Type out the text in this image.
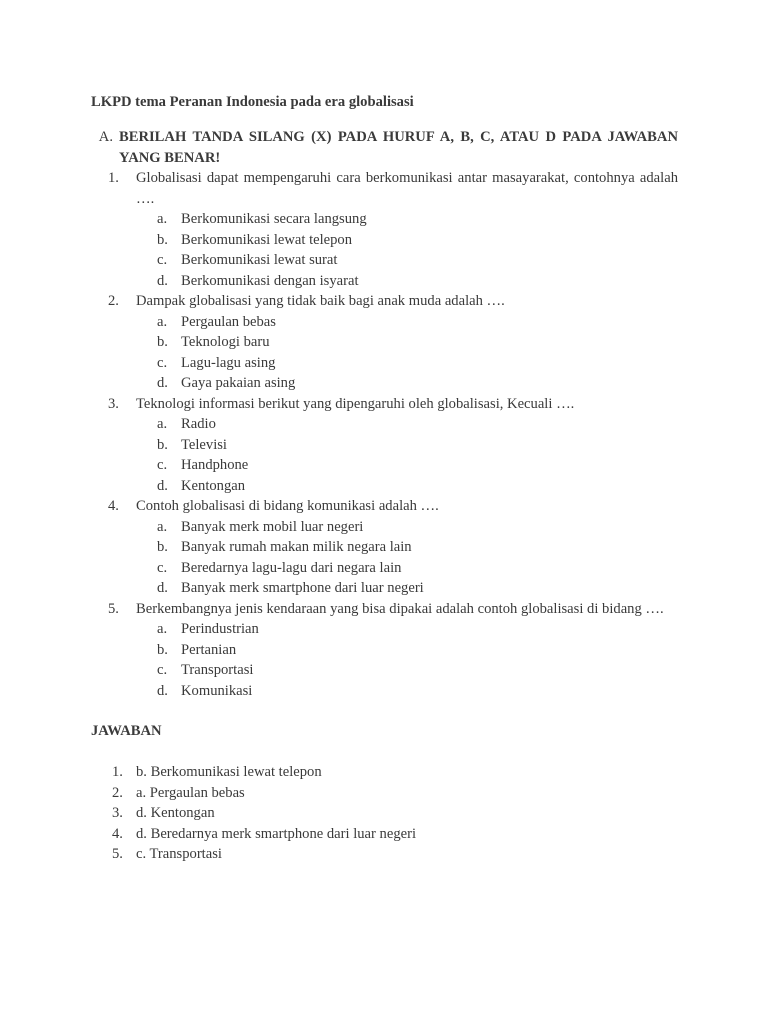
LKPD tema Peranan Indonesia pada era globalisasi

A. BERILAH TANDA SILANG (X) PADA HURUF A, B, C, ATAU D PADA JAWABAN YANG BENAR!
1.	Globalisasi dapat mempengaruhi cara berkomunikasi antar masayarakat, contohnya adalah ….
a. Berkomunikasi secara langsung
b. Berkomunikasi lewat telepon
c. Berkomunikasi lewat surat
d. Berkomunikasi dengan isyarat
2.	Dampak globalisasi yang tidak baik bagi anak muda adalah ….
a. Pergaulan bebas
b. Teknologi baru
c. Lagu-lagu asing
d. Gaya pakaian asing
3.	Teknologi informasi berikut yang dipengaruhi oleh globalisasi, Kecuali ….
a. Radio
b. Televisi
c. Handphone
d. Kentongan
4.	Contoh globalisasi di bidang komunikasi adalah ….
a. Banyak merk mobil luar negeri
b. Banyak rumah makan milik negara lain
c. Beredarnya lagu-lagu dari negara lain
d. Banyak merk smartphone dari luar negeri
5.	Berkembangnya jenis kendaraan yang bisa dipakai adalah contoh globalisasi di bidang ….
a. Perindustrian
b. Pertanian
c. Transportasi
d. Komunikasi
JAWABAN
1. b. Berkomunikasi lewat telepon
2. a. Pergaulan bebas
3. d. Kentongan
4. d. Beredarnya merk smartphone dari luar negeri
5. c. Transportasi
